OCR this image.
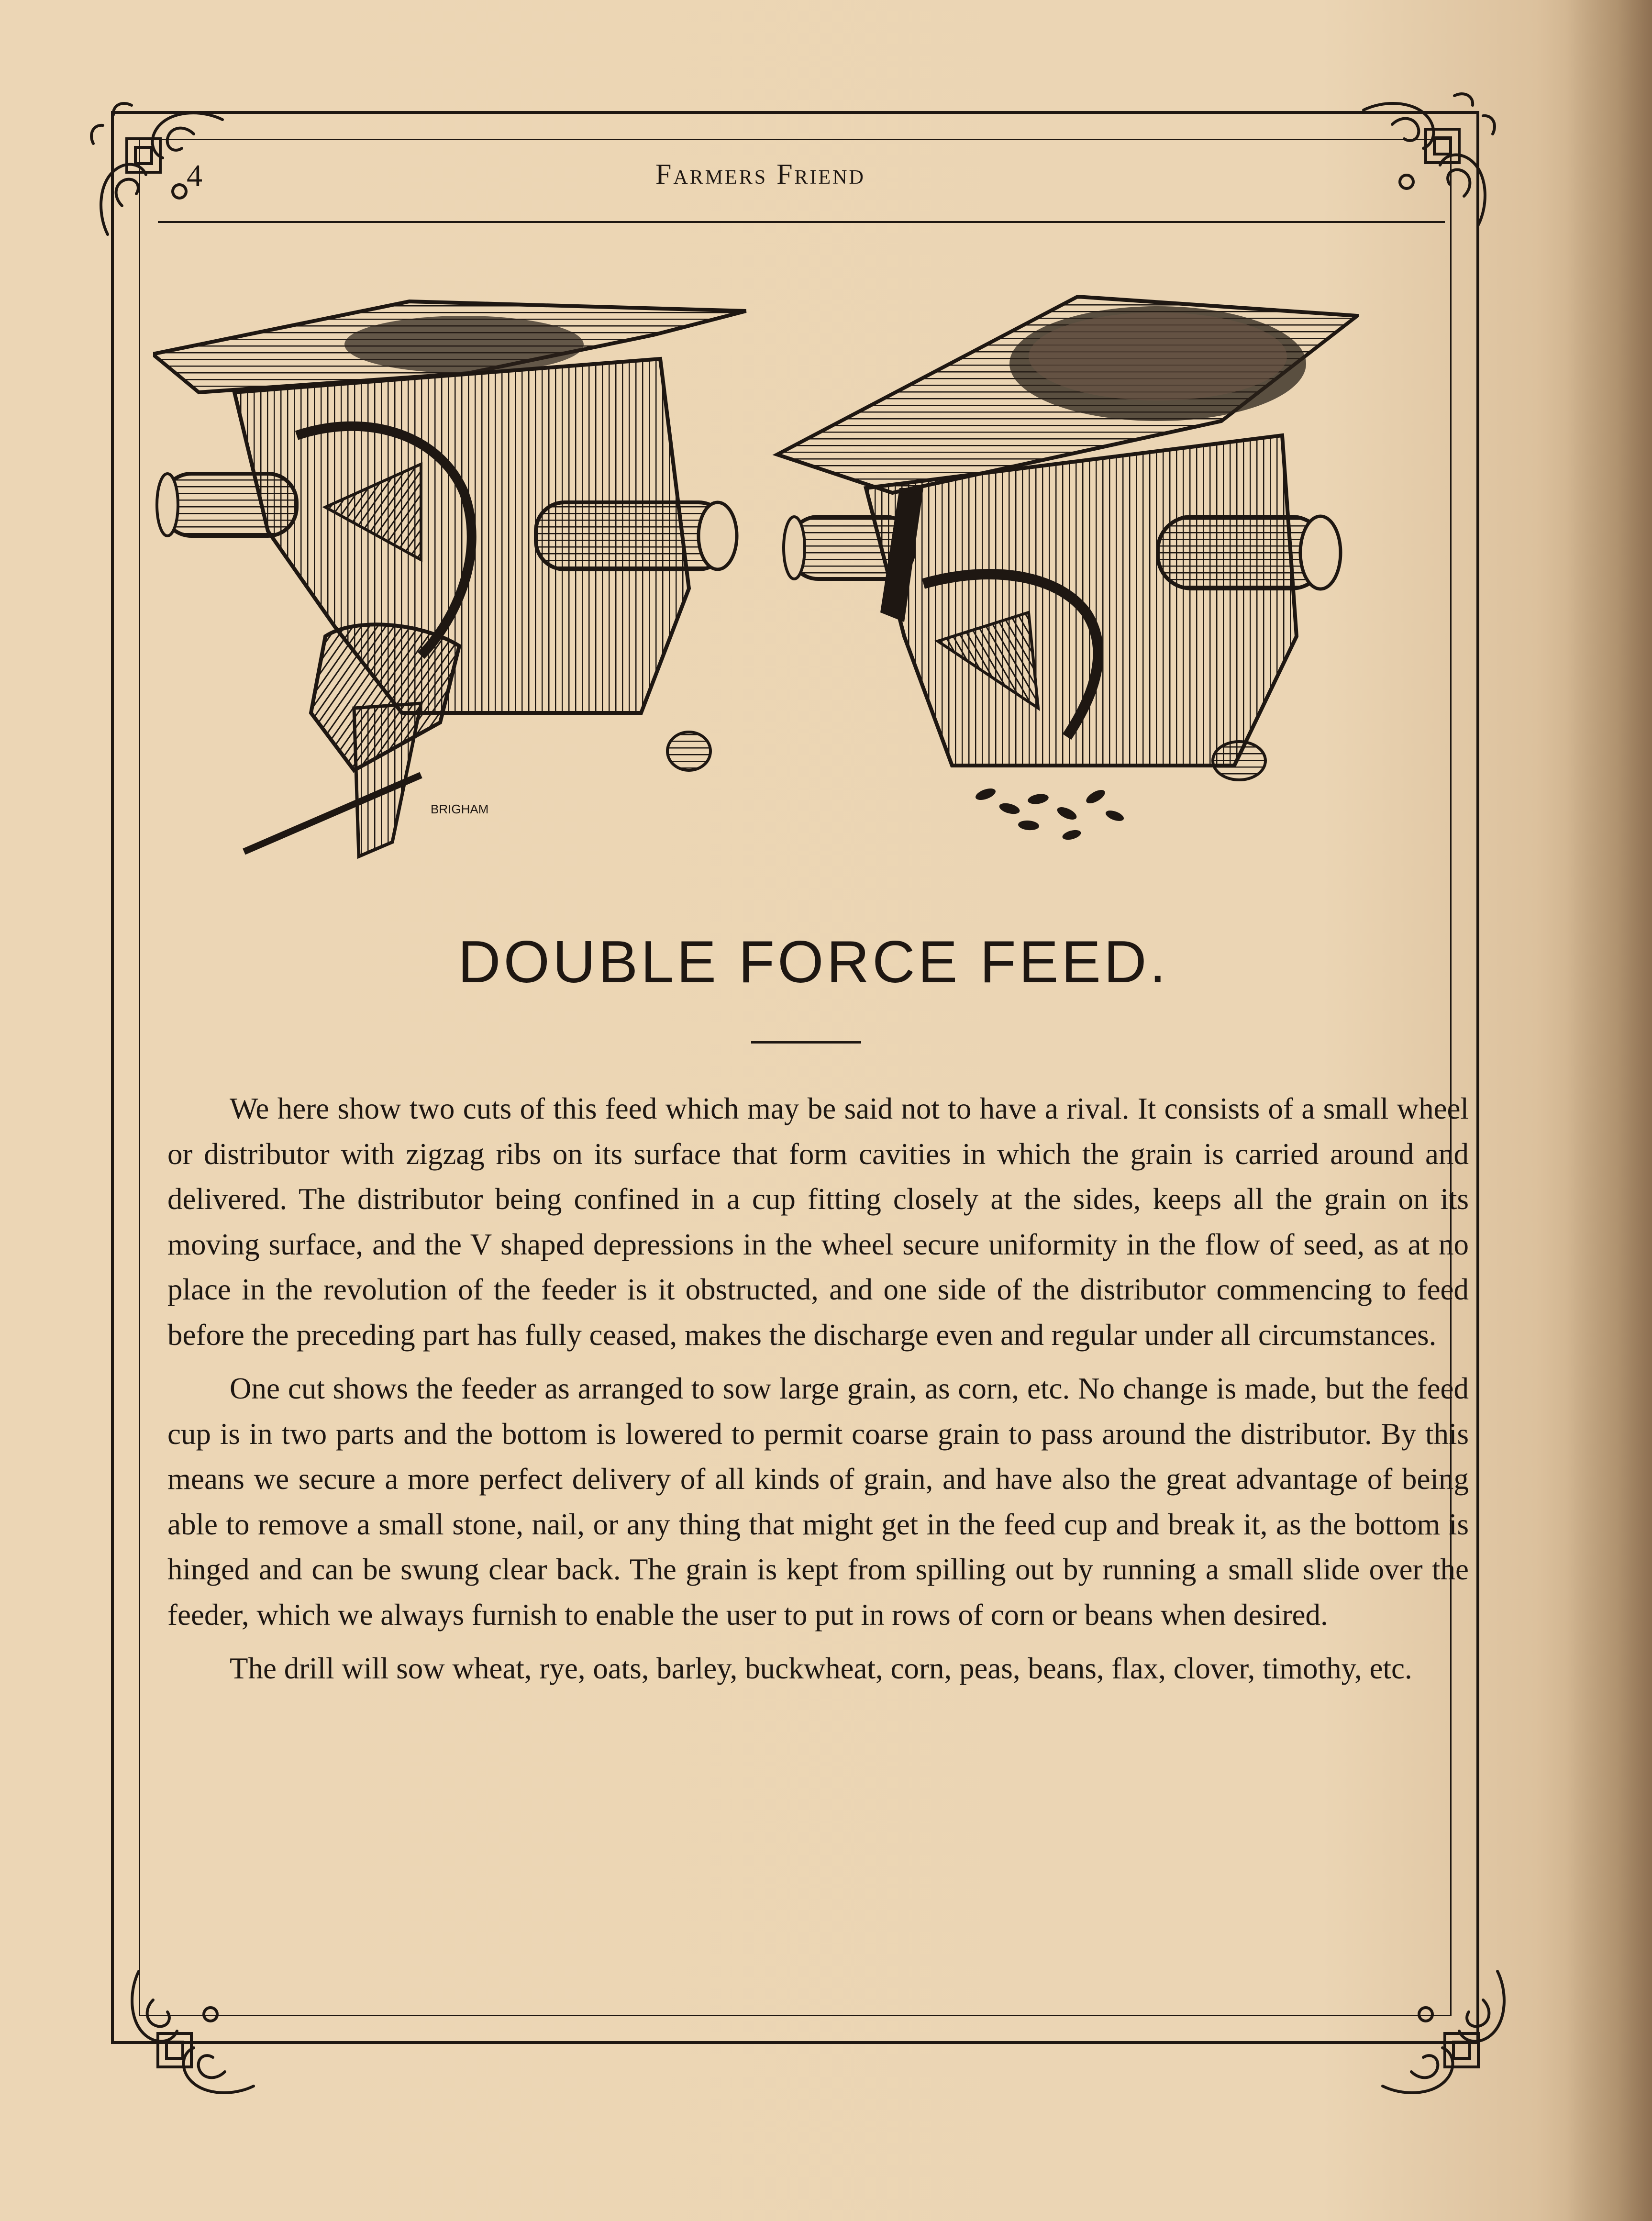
4	Farmers Friend
BRIGHAM
DOUBLE FORCE FEED.

We here show two cuts of this feed which may be said not to have a rival. It consists of a small wheel or distributor with zigzag ribs on its surface that form cavities in which the grain is carried around and delivered. The distributor being confined in a cup fitting closely at the sides, keeps all the grain on its moving surface, and the V shaped depressions in the wheel secure uniformity in the flow of seed, as at no place in the revolution of the feeder is it obstructed, and one side of the distributor commencing to feed before the preceding part has fully ceased, makes the discharge even and regular under all circumstances.

One cut shows the feeder as arranged to sow large grain, as corn, etc. No change is made, but the feed cup is in two parts and the bottom is lowered to permit coarse grain to pass around the distributor. By this means we secure a more perfect delivery of all kinds of grain, and have also the great advantage of being able to remove a small stone, nail, or any thing that might get in the feed cup and break it, as the bottom is hinged and can be swung clear back. The grain is kept from spilling out by running a small slide over the feeder, which we always furnish to enable the user to put in rows of corn or beans when desired.

The drill will sow wheat, rye, oats, barley, buckwheat, corn, peas, beans, flax, clover, timothy, etc.
